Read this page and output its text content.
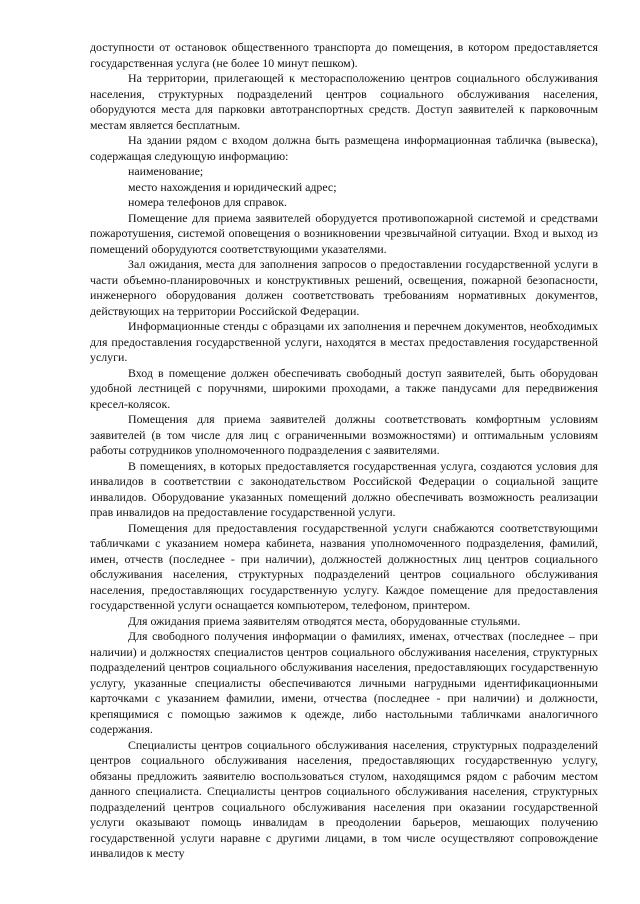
доступности от остановок общественного транспорта до помещения, в котором предоставляется государственная услуга (не более 10 минут пешком).

На территории, прилегающей к месторасположению центров социального обслуживания населения, структурных подразделений центров социального обслуживания населения, оборудуются места для парковки автотранспортных средств. Доступ заявителей к парковочным местам является бесплатным.

На здании рядом с входом должна быть размещена информационная табличка (вывеска), содержащая следующую информацию:

наименование;

место нахождения и юридический адрес;

номера телефонов для справок.

Помещение для приема заявителей оборудуется противопожарной системой и средствами пожаротушения, системой оповещения о возникновении чрезвычайной ситуации. Вход и выход из помещений оборудуются соответствующими указателями.

Зал ожидания, места для заполнения запросов о предоставлении государственной услуги в части объемно-планировочных и конструктивных решений, освещения, пожарной безопасности, инженерного оборудования должен соответствовать требованиям нормативных документов, действующих на территории Российской Федерации.

Информационные стенды с образцами их заполнения и перечнем документов, необходимых для предоставления государственной услуги, находятся в местах предоставления государственной услуги.

Вход в помещение должен обеспечивать свободный доступ заявителей, быть оборудован удобной лестницей с поручнями, широкими проходами, а также пандусами для передвижения кресел-колясок.

Помещения для приема заявителей должны соответствовать комфортным условиям заявителей (в том числе для лиц с ограниченными возможностями) и оптимальным условиям работы сотрудников уполномоченного подразделения с заявителями.

В помещениях, в которых предоставляется государственная услуга, создаются условия для инвалидов в соответствии с законодательством Российской Федерации о социальной защите инвалидов. Оборудование указанных помещений должно обеспечивать возможность реализации прав инвалидов на предоставление государственной услуги.

Помещения для предоставления государственной услуги снабжаются соответствующими табличками с указанием номера кабинета, названия уполномоченного подразделения, фамилий, имен, отчеств (последнее - при наличии), должностей должностных лиц центров социального обслуживания населения, структурных подразделений центров социального обслуживания населения, предоставляющих государственную услугу. Каждое помещение для предоставления государственной услуги оснащается компьютером, телефоном, принтером.

Для ожидания приема заявителям отводятся места, оборудованные стульями.

Для свободного получения информации о фамилиях, именах, отчествах (последнее – при наличии) и должностях специалистов центров социального обслуживания населения, структурных подразделений центров социального обслуживания населения, предоставляющих государственную услугу, указанные специалисты обеспечиваются личными нагрудными идентификационными карточками с указанием фамилии, имени, отчества (последнее - при наличии) и должности, крепящимися с помощью зажимов к одежде, либо настольными табличками аналогичного содержания.

Специалисты центров социального обслуживания населения, структурных подразделений центров социального обслуживания населения, предоставляющих государственную услугу, обязаны предложить заявителю воспользоваться стулом, находящимся рядом с рабочим местом данного специалиста. Специалисты центров социального обслуживания населения, структурных подразделений центров социального обслуживания населения при оказании государственной услуги оказывают помощь инвалидам в преодолении барьеров, мешающих получению государственной услуги наравне с другими лицами, в том числе осуществляют сопровождение инвалидов к месту
